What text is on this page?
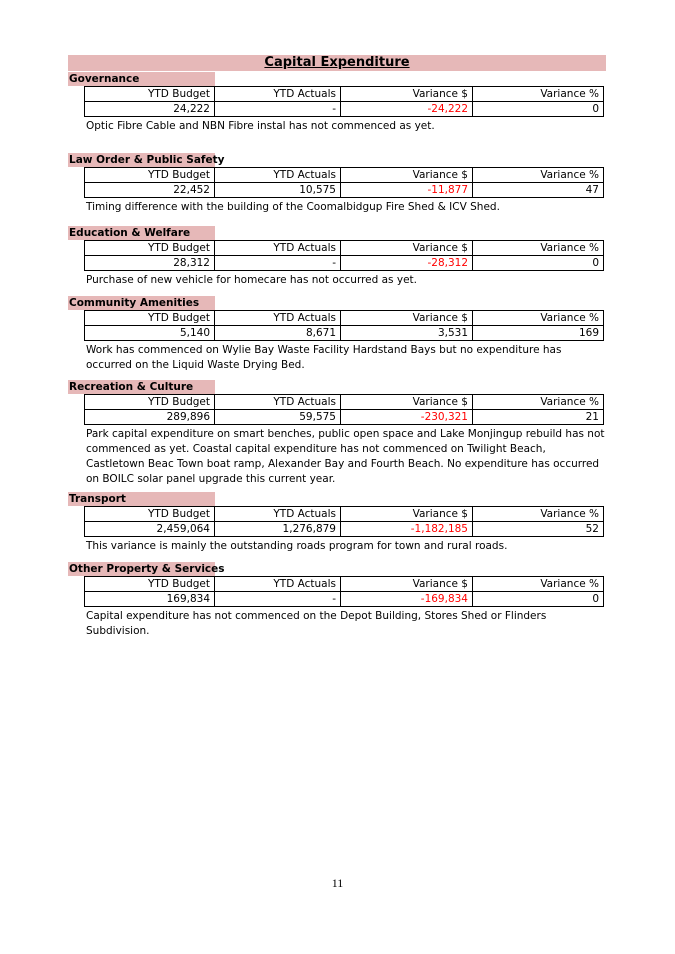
Capital Expenditure
Governance
YTD Budget	YTD Actuals	Variance $	Variance %
24,222	-	-24,222	0
Optic Fibre Cable and NBN Fibre instal has not commenced as yet.
Law Order & Public Safety
YTD Budget	YTD Actuals	Variance $	Variance %
22,452	10,575	-11,877	47
Timing difference with the building of the Coomalbidgup Fire Shed & ICV Shed.
Education & Welfare
YTD Budget	YTD Actuals	Variance $	Variance %
28,312	-	-28,312	0
Purchase of new vehicle for homecare has not occurred as yet.
Community Amenities
YTD Budget	YTD Actuals	Variance $	Variance %
5,140	8,671	3,531	169
Work has commenced on Wylie Bay Waste Facility Hardstand Bays but no expenditure has occurred on the Liquid Waste Drying Bed.
Recreation & Culture
YTD Budget	YTD Actuals	Variance $	Variance %
289,896	59,575	-230,321	21
Park capital expenditure on smart benches, public open space and Lake Monjingup rebuild has not commenced as yet. Coastal capital expenditure has not commenced on Twilight Beach, Castletown Beac Town boat ramp, Alexander Bay and Fourth Beach. No expenditure has occurred on BOILC solar panel upgrade this current year.
Transport
YTD Budget	YTD Actuals	Variance $	Variance %
2,459,064	1,276,879	-1,182,185	52
This variance is mainly the outstanding roads program for town and rural roads.
Other Property & Services
YTD Budget	YTD Actuals	Variance $	Variance %
169,834	-	-169,834	0
Capital expenditure has not commenced on the Depot Building, Stores Shed or Flinders Subdivision.
11
